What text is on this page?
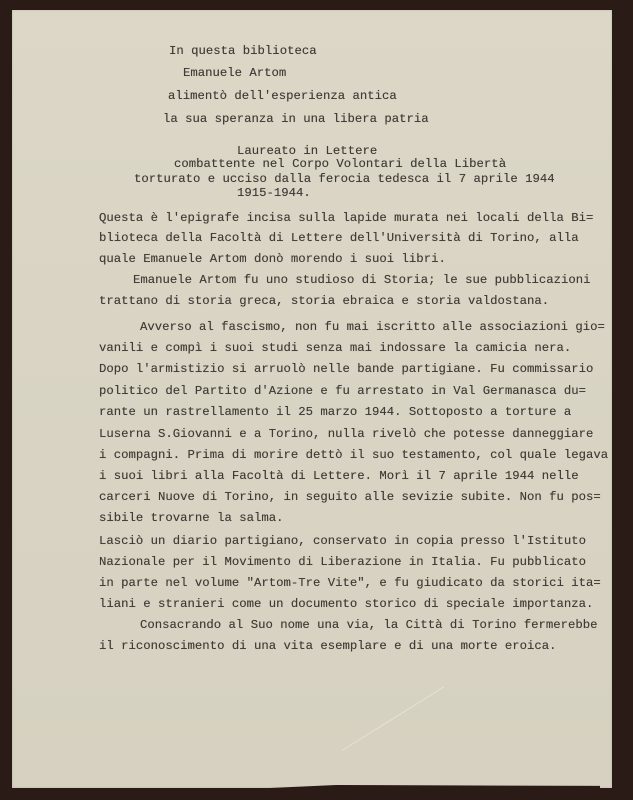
In questa biblioteca
Emanuele Artom
alimentò dell'esperienza antica
la sua speranza in una libera patria
Laureato in Lettere
combattente nel Corpo Volontari della Libertà
torturato e ucciso dalla ferocia tedesca il 7 aprile 1944
1915-1944.
Questa è l'epigrafe incisa sulla lapide murata nei locali della Bi=
blioteca della Facoltà di Lettere dell'Università di Torino, alla
quale Emanuele Artom donò morendo i suoi libri.
Emanuele Artom fu uno studioso di Storia; le sue pubblicazioni
trattano di storia greca, storia ebraica e storia valdostana.
Avverso al fascismo, non fu mai iscritto alle associazioni gio=
vanili e compì i suoi studi senza mai indossare la camicia nera.
Dopo l'armistizio si arruolò nelle bande partigiane. Fu commissario
politico del Partito d'Azione e fu arrestato in Val Germanasca du=
rante un rastrellamento il 25 marzo 1944. Sottoposto a torture a
Luserna S.Giovanni e a Torino, nulla rivelò che potesse danneggiare
i compagni. Prima di morire dettò il suo testamento, col quale legava
i suoi libri alla Facoltà di Lettere. Morì il 7 aprile 1944 nelle
carceri Nuove di Torino, in seguito alle sevizie subite. Non fu pos=
sibile trovarne la salma.
Lasciò un diario partigiano, conservato in copia presso l'Istituto
Nazionale per il Movimento di Liberazione in Italia. Fu pubblicato
in parte nel volume "Artom-Tre Vite", e fu giudicato da storici ita=
liani e stranieri come un documento storico di speciale importanza.
Consacrando al Suo nome una via, la Città di Torino fermerebbe
il riconoscimento di una vita esemplare e di una morte eroica.
